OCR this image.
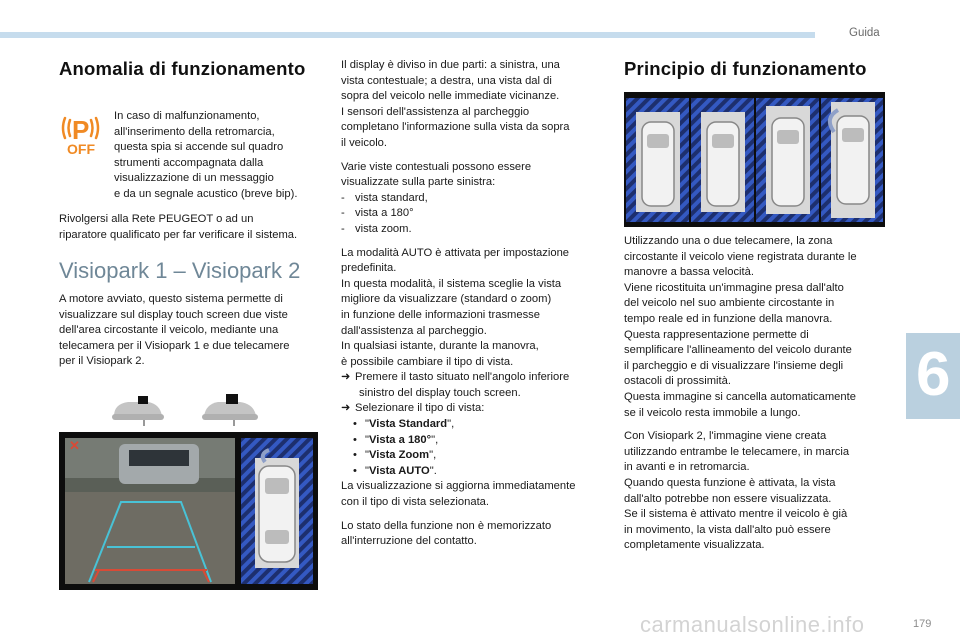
Guida
Anomalia di funzionamento
P
OFF
In caso di malfunzionamento,
all'inserimento della retromarcia,
questa spia si accende sul quadro
strumenti accompagnata dalla
visualizzazione di un messaggio
e da un segnale acustico (breve bip).
Rivolgersi alla Rete PEUGEOT o ad un
riparatore qualificato per far verificare il sistema.
Visiopark 1 – Visiopark 2
A motore avviato, questo sistema permette di
visualizzare sul display touch screen due viste
dell'area circostante il veicolo, mediante una
telecamera per il Visiopark 1 e due telecamere
per il Visiopark 2.
✕
Il display è diviso in due parti: a sinistra, una
vista contestuale; a destra, una vista dal di
sopra del veicolo nelle immediate vicinanze.
I sensori dell'assistenza al parcheggio
completano l'informazione sulla vista da sopra
il veicolo.
Varie viste contestuali possono essere
visualizzate sulla parte sinistra:
- vista standard,
- vista a 180°
- vista zoom.
La modalità AUTO è attivata per impostazione
predefinita.
In questa modalità, il sistema sceglie la vista
migliore da visualizzare (standard o zoom)
in funzione delle informazioni trasmesse
dall'assistenza al parcheggio.
In qualsiasi istante, durante la manovra,
è possibile cambiare il tipo di vista.
➜ Premere il tasto situato nell'angolo inferiore
sinistro del display touch screen.
➜ Selezionare il tipo di vista:
• "Vista Standard",
• "Vista a 180°",
• "Vista Zoom",
• "Vista AUTO".
La visualizzazione si aggiorna immediatamente
con il tipo di vista selezionata.
Lo stato della funzione non è memorizzato
all'interruzione del contatto.
Principio di funzionamento
Utilizzando una o due telecamere, la zona
circostante il veicolo viene registrata durante le
manovre a bassa velocità.
Viene ricostituita un'immagine presa dall'alto
del veicolo nel suo ambiente circostante in
tempo reale ed in funzione della manovra.
Questa rappresentazione permette di
semplificare l'allineamento del veicolo durante
il parcheggio e di visualizzare l'insieme degli
ostacoli di prossimità.
Questa immagine si cancella automaticamente
se il veicolo resta immobile a lungo.
Con Visiopark 2, l'immagine viene creata
utilizzando entrambe le telecamere, in marcia
in avanti e in retromarcia.
Quando questa funzione è attivata, la vista
dall'alto potrebbe non essere visualizzata.
Se il sistema è attivato mentre il veicolo è già
in movimento, la vista dall'alto può essere
completamente visualizzata.
6
carmanualsonline.info	179
